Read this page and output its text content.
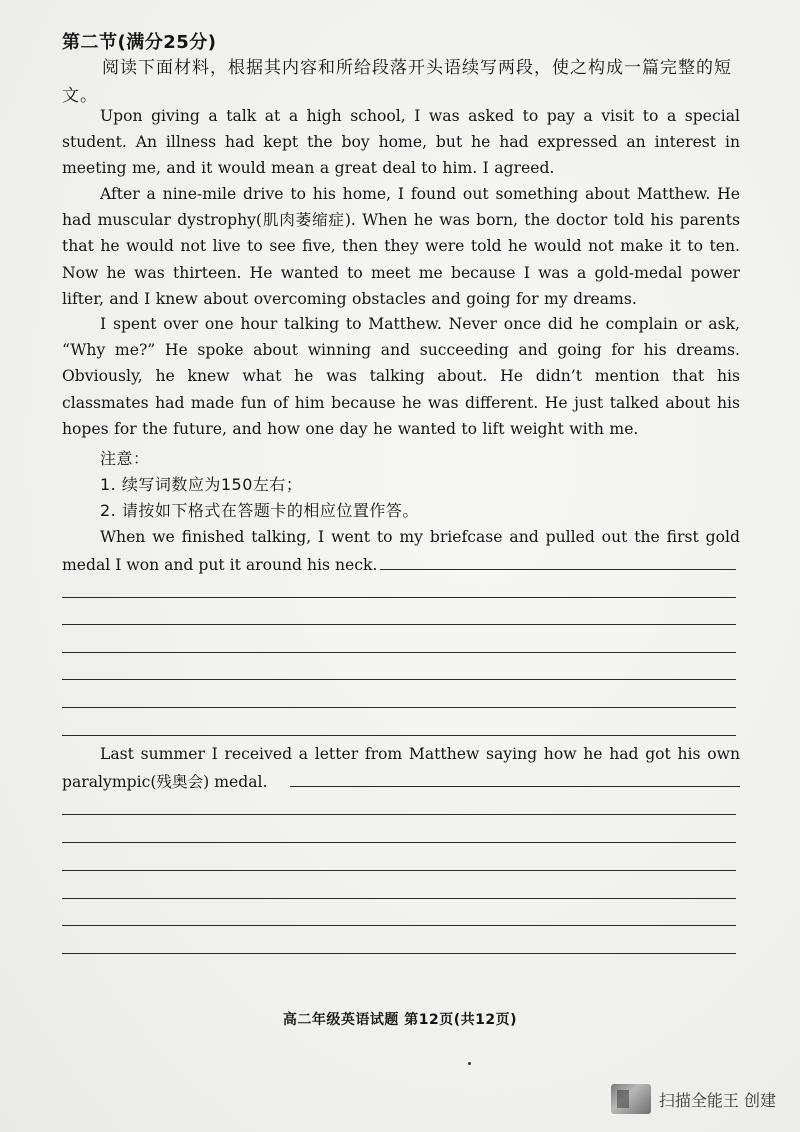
第二节(满分25分)
阅读下面材料，根据其内容和所给段落开头语续写两段，使之构成一篇完整的短文。
Upon giving a talk at a high school, I was asked to pay a visit to a special student. An illness had kept the boy home, but he had expressed an interest in meeting me, and it would mean a great deal to him. I agreed.
After a nine-mile drive to his home, I found out something about Matthew. He had muscular dystrophy(肌肉萎缩症). When he was born, the doctor told his parents that he would not live to see five, then they were told he would not make it to ten. Now he was thirteen. He wanted to meet me because I was a gold-medal power lifter, and I knew about overcoming obstacles and going for my dreams.
I spent over one hour talking to Matthew. Never once did he complain or ask, “Why me?” He spoke about winning and succeeding and going for his dreams. Obviously, he knew what he was talking about. He didn’t mention that his classmates had made fun of him because he was different. He just talked about his hopes for the future, and how one day he wanted to lift weight with me.
注意：
1. 续写词数应为150左右；
2. 请按如下格式在答题卡的相应位置作答。
When we finished talking, I went to my briefcase and pulled out the first gold medal I won and put it around his neck.
Last summer I received a letter from Matthew saying how he had got his own paralympic(残奥会) medal.
高二年级英语试题 第12页(共12页)
扫描全能王 创建
